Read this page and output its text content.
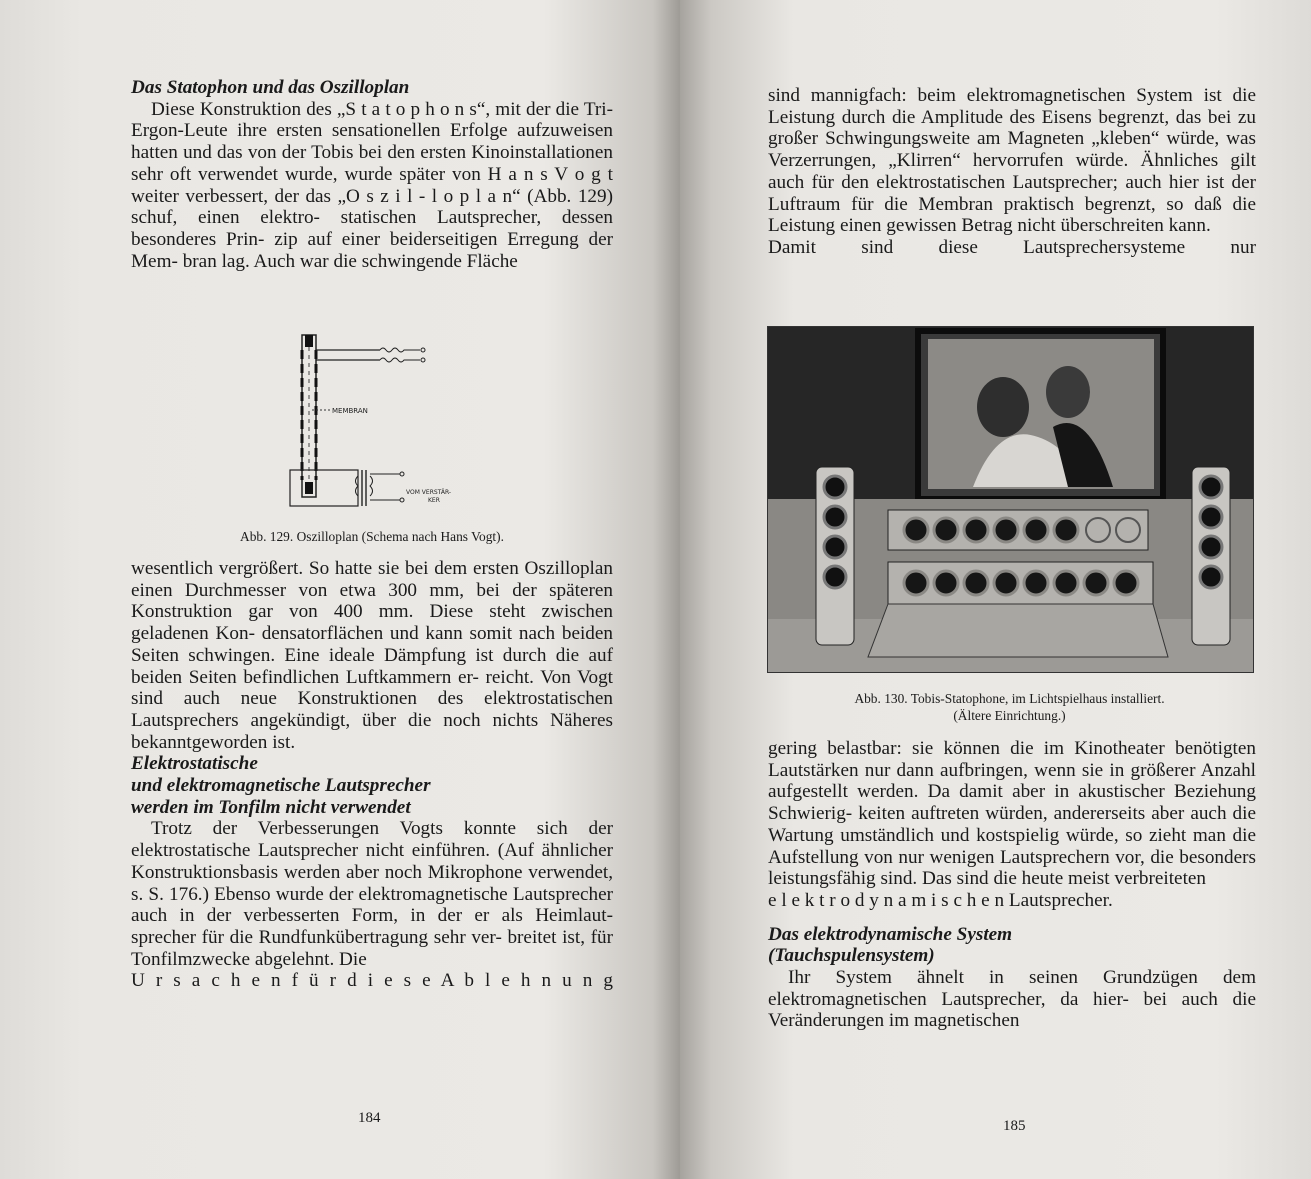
Das Statophon und das Oszilloplan

Diese Konstruktion des „S t a t o p h o n s“, mit der die Tri-Ergon-Leute ihre ersten sensationellen Erfolge aufzuweisen hatten und das von der Tobis bei den ersten Kinoinstallationen sehr oft verwendet wurde, wurde später von H a n s V o g t weiter verbessert, der das „O s z i l - l o p l a n“ (Abb. 129) schuf, einen elektro- statischen Lautsprecher, dessen besonderes Prin- zip auf einer beiderseitigen Erregung der Mem- bran lag. Auch war die schwingende Fläche

MEMBRAN
VOM VERSTÄR-
KER
Abb. 129. Oszilloplan (Schema nach Hans Vogt).

wesentlich vergrößert. So hatte sie bei dem ersten Oszilloplan einen Durchmesser von etwa 300 mm, bei der späteren Konstruktion gar von 400 mm. Diese steht zwischen geladenen Kon- densatorflächen und kann somit nach beiden Seiten schwingen. Eine ideale Dämpfung ist durch die auf beiden Seiten befindlichen Luftkammern er- reicht. Von Vogt sind auch neue Konstruktionen des elektrostatischen Lautsprechers angekündigt, über die noch nichts Näheres bekanntgeworden ist.

Elektrostatische

und elektromagnetische Lautsprecher

werden im Tonfilm nicht verwendet

Trotz der Verbesserungen Vogts konnte sich der elektrostatische Lautsprecher nicht einführen. (Auf ähnlicher Konstruktionsbasis werden aber noch Mikrophone verwendet, s. S. 176.) Ebenso wurde der elektromagnetische Lautsprecher auch in der verbesserten Form, in der er als Heimlaut- sprecher für die Rundfunkübertragung sehr ver- breitet ist, für Tonfilmzwecke abgelehnt. Die

U r s a c h e n f ü r d i e s e A b l e h n u n g

184

sind mannigfach: beim elektromagnetischen System ist die Leistung durch die Amplitude des Eisens begrenzt, das bei zu großer Schwingungsweite am Magneten „kleben“ würde, was Verzerrungen, „Klirren“ hervorrufen würde. Ähnliches gilt auch für den elektrostatischen Lautsprecher; auch hier ist der Luftraum für die Membran praktisch begrenzt, so daß die Leistung einen gewissen Betrag nicht überschreiten kann.

Damit sind diese Lautsprechersysteme nur

Abb. 130. Tobis-Statophone, im Lichtspielhaus installiert.
(Ältere Einrichtung.)

gering belastbar: sie können die im Kinotheater benötigten Lautstärken nur dann aufbringen, wenn sie in größerer Anzahl aufgestellt werden. Da damit aber in akustischer Beziehung Schwierig- keiten auftreten würden, andererseits aber auch die Wartung umständlich und kostspielig würde, so zieht man die Aufstellung von nur wenigen Lautsprechern vor, die besonders leistungsfähig sind. Das sind die heute meist verbreiteten

e l e k t r o d y n a m i s c h e n Lautsprecher.

Das elektrodynamische System

(Tauchspulensystem)

Ihr System ähnelt in seinen Grundzügen dem elektromagnetischen Lautsprecher, da hier- bei auch die Veränderungen im magnetischen

185
